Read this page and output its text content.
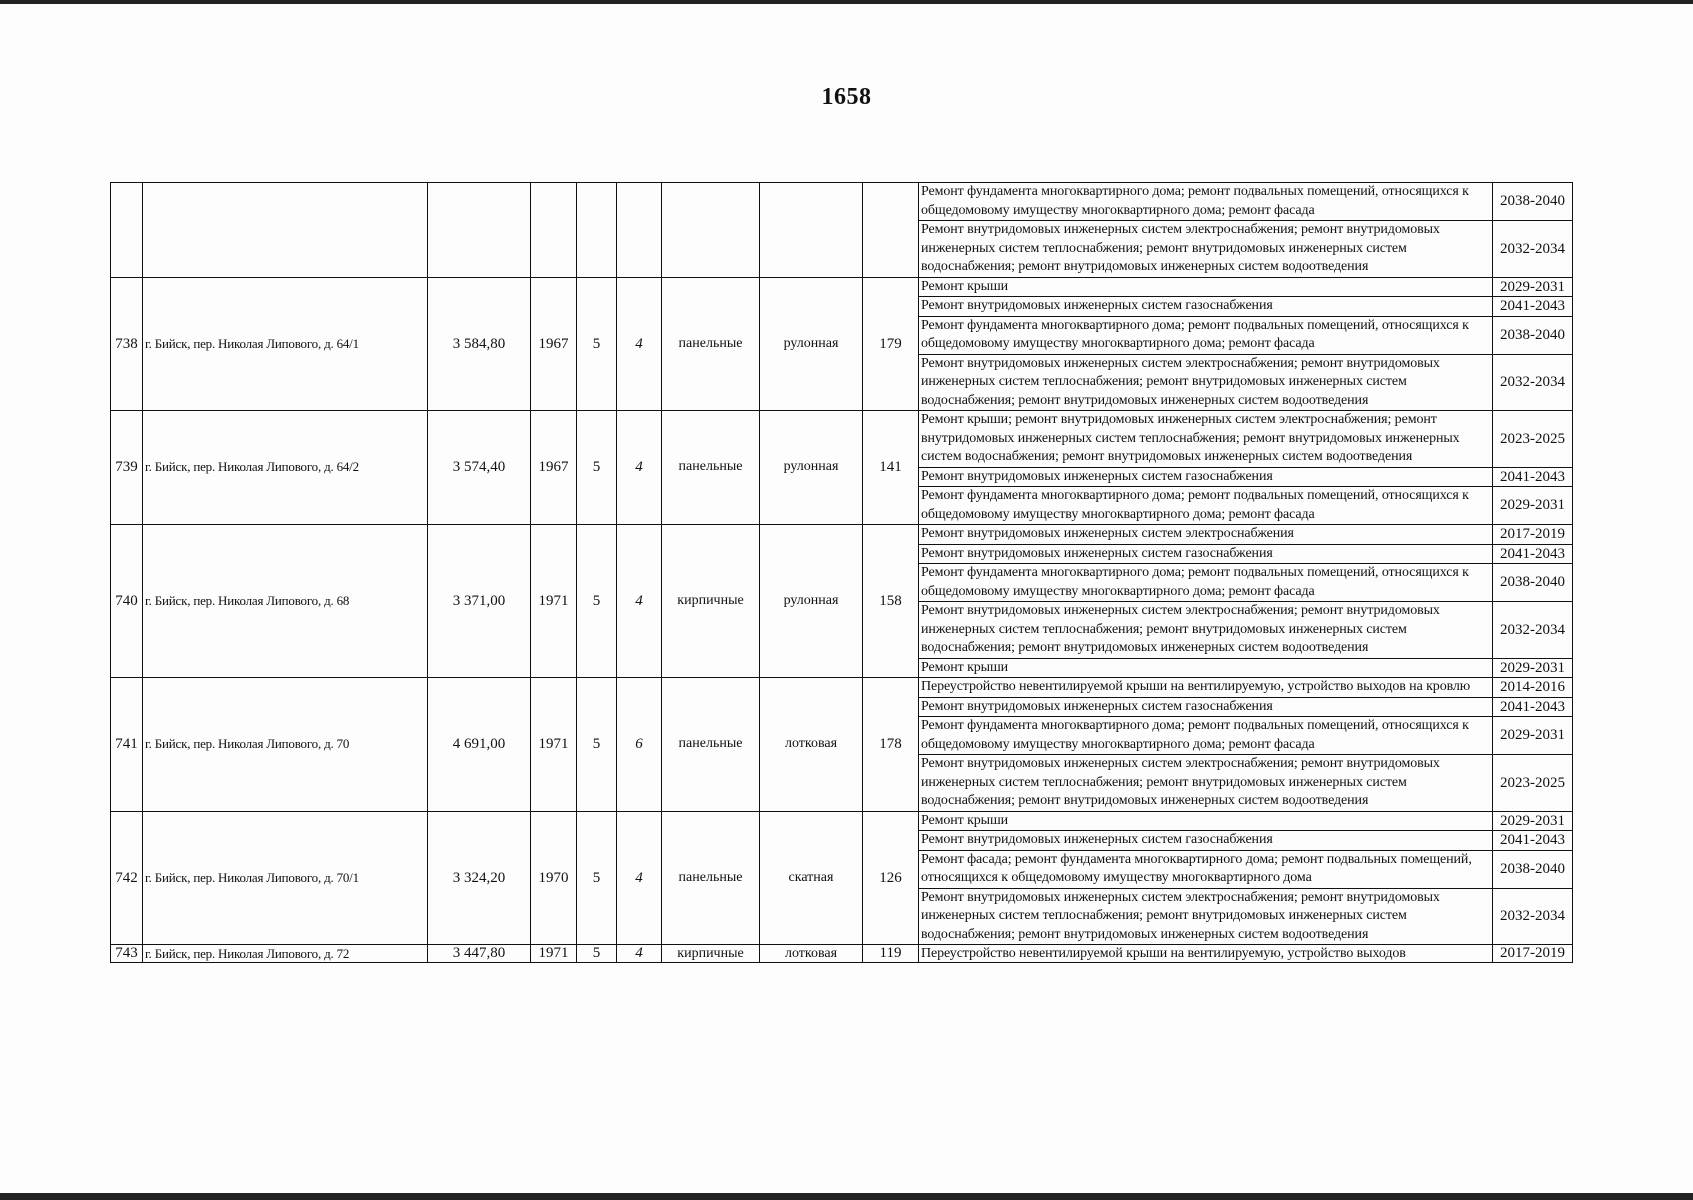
1658
									Ремонт фундамента многоквартирного дома; ремонт подвальных помещений, относящихся к общедомовому имуществу многоквартирного дома; ремонт фасада	2038-2040
									Ремонт внутридомовых инженерных систем электроснабжения; ремонт внутридомовых инженерных систем теплоснабжения; ремонт внутридомовых инженерных систем водоснабжения; ремонт внутридомовых инженерных систем водоотведения	2032-2034
738	г. Бийск, пер. Николая Липового, д. 64/1	3 584,80	1967	5	4	панельные	рулонная	179	Ремонт крыши	2029-2031
									Ремонт внутридомовых инженерных систем газоснабжения	2041-2043
									Ремонт фундамента многоквартирного дома; ремонт подвальных помещений, относящихся к общедомовому имуществу многоквартирного дома; ремонт фасада	2038-2040
									Ремонт внутридомовых инженерных систем электроснабжения; ремонт внутридомовых инженерных систем теплоснабжения; ремонт внутридомовых инженерных систем водоснабжения; ремонт внутридомовых инженерных систем водоотведения	2032-2034
739	г. Бийск, пер. Николая Липового, д. 64/2	3 574,40	1967	5	4	панельные	рулонная	141	Ремонт крыши; ремонт внутридомовых инженерных систем электроснабжения; ремонт внутридомовых инженерных систем теплоснабжения; ремонт внутридомовых инженерных систем водоснабжения; ремонт внутридомовых инженерных систем водоотведения	2023-2025
									Ремонт внутридомовых инженерных систем газоснабжения	2041-2043
									Ремонт фундамента многоквартирного дома; ремонт подвальных помещений, относящихся к общедомовому имуществу многоквартирного дома; ремонт фасада	2029-2031
740	г. Бийск, пер. Николая Липового, д. 68	3 371,00	1971	5	4	кирпичные	рулонная	158	Ремонт внутридомовых инженерных систем электроснабжения	2017-2019
									Ремонт внутридомовых инженерных систем газоснабжения	2041-2043
									Ремонт фундамента многоквартирного дома; ремонт подвальных помещений, относящихся к общедомовому имуществу многоквартирного дома; ремонт фасада	2038-2040
									Ремонт внутридомовых инженерных систем электроснабжения; ремонт внутридомовых инженерных систем теплоснабжения; ремонт внутридомовых инженерных систем водоснабжения; ремонт внутридомовых инженерных систем водоотведения	2032-2034
									Ремонт крыши	2029-2031
741	г. Бийск, пер. Николая Липового, д. 70	4 691,00	1971	5	6	панельные	лотковая	178	Переустройство невентилируемой крыши на вентилируемую, устройство выходов на кровлю	2014-2016
									Ремонт внутридомовых инженерных систем газоснабжения	2041-2043
									Ремонт фундамента многоквартирного дома; ремонт подвальных помещений, относящихся к общедомовому имуществу многоквартирного дома; ремонт фасада	2029-2031
									Ремонт внутридомовых инженерных систем электроснабжения; ремонт внутридомовых инженерных систем теплоснабжения; ремонт внутридомовых инженерных систем водоснабжения; ремонт внутридомовых инженерных систем водоотведения	2023-2025
742	г. Бийск, пер. Николая Липового, д. 70/1	3 324,20	1970	5	4	панельные	скатная	126	Ремонт крыши	2029-2031
									Ремонт внутридомовых инженерных систем газоснабжения	2041-2043
									Ремонт фасада; ремонт фундамента многоквартирного дома; ремонт подвальных помещений, относящихся к общедомовому имуществу многоквартирного дома	2038-2040
									Ремонт внутридомовых инженерных систем электроснабжения; ремонт внутридомовых инженерных систем теплоснабжения; ремонт внутридомовых инженерных систем водоснабжения; ремонт внутридомовых инженерных систем водоотведения	2032-2034
743	г. Бийск, пер. Николая Липового, д. 72	3 447,80	1971	5	4	кирпичные	лотковая	119	Переустройство невентилируемой крыши на вентилируемую, устройство выходов	2017-2019
